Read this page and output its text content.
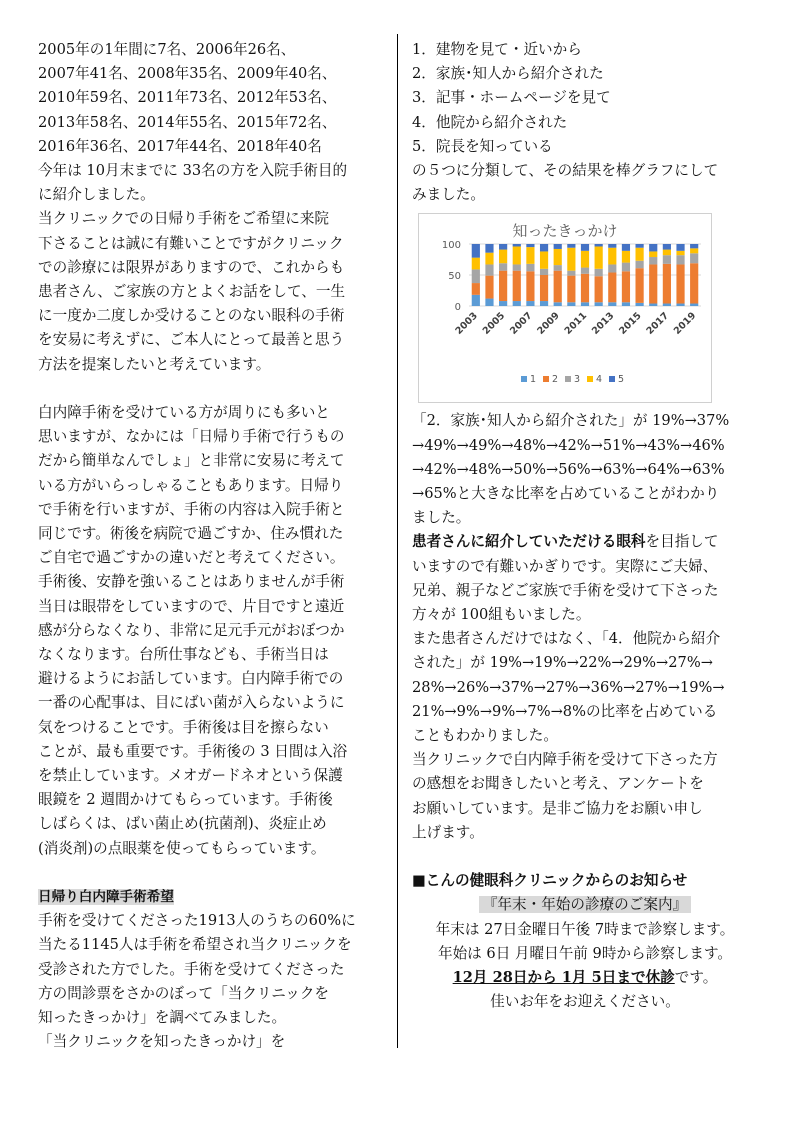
2005年の1年間に7名、2006年26名、

2007年41名、2008年35名、2009年40名、

2010年59名、2011年73名、2012年53名、

2013年58名、2014年55名、2015年72名、

2016年36名、2017年44名、2018年40名

今年は 10月末までに 33名の方を入院手術目的

に紹介しました。

当クリニックでの日帰り手術をご希望に来院

下さることは誠に有難いことですがクリニック

での診療には限界がありますので、これからも

患者さん、ご家族の方とよくお話をして、一生

に一度か二度しか受けることのない眼科の手術

を安易に考えずに、ご本人にとって最善と思う

方法を提案したいと考えています。

白内障手術を受けている方が周りにも多いと

思いますが、なかには「日帰り手術で行うもの

だから簡単なんでしょ」と非常に安易に考えて

いる方がいらっしゃることもあります。日帰り

で手術を行いますが、手術の内容は入院手術と

同じです。術後を病院で過ごすか、住み慣れた

ご自宅で過ごすかの違いだと考えてください。

手術後、安静を強いることはありませんが手術

当日は眼帯をしていますので、片目ですと遠近

感が分らなくなり、非常に足元手元がおぼつか

なくなります。台所仕事なども、手術当日は

避けるようにお話しています。白内障手術での

一番の心配事は、目にばい菌が入らないように

気をつけることです。手術後は目を擦らない

ことが、最も重要です。手術後の 3 日間は入浴

を禁止しています。メオガードネオという保護

眼鏡を 2 週間かけてもらっています。手術後

しばらくは、ばい菌止め(抗菌剤)、炎症止め

(消炎剤)の点眼薬を使ってもらっています。

日帰り白内障手術希望

手術を受けてくださった1913人のうちの60%に

当たる1145人は手術を希望され当クリニックを

受診された方でした。手術を受けてくださった

方の問診票をさかのぼって「当クリニックを

知ったきっかけ」を調べてみました。

「当クリニックを知ったきっかけ」を

1．建物を見て・近いから

2．家族･知人から紹介された

3．記事・ホームページを見て

4．他院から紹介された

5．院長を知っている

の５つに分類して、その結果を棒グラフにして

みました。

知ったきっかけ
0
50
100
2003 2005 2007 2009 2011 2013 2015 2017 2019
1 2 3 4 5

「2．家族･知人から紹介された」が 19%→37%

→49%→49%→48%→42%→51%→43%→46%

→42%→48%→50%→56%→63%→64%→63%

→65%と大きな比率を占めていることがわかり

ました。

患者さんに紹介していただける眼科を目指して

いますので有難いかぎりです。実際にご夫婦、

兄弟、親子などご家族で手術を受けて下さった

方々が 100組もいました。

また患者さんだけではなく、「4．他院から紹介

された」が 19%→19%→22%→29%→27%→

28%→26%→37%→27%→36%→27%→19%→

21%→9%→9%→7%→8%の比率を占めている

こともわかりました。

当クリニックで白内障手術を受けて下さった方

の感想をお聞きしたいと考え、アンケートを

お願いしています。是非ご協力をお願い申し

上げます。

■こんの健眼科クリニックからのお知らせ

『年末・年始の診療のご案内』

年末は 27日金曜日午後 7時まで診察します。

年始は 6日 月曜日午前 9時から診察します。

12月 28日から 1月 5日まで休診です。

佳いお年をお迎えください。
